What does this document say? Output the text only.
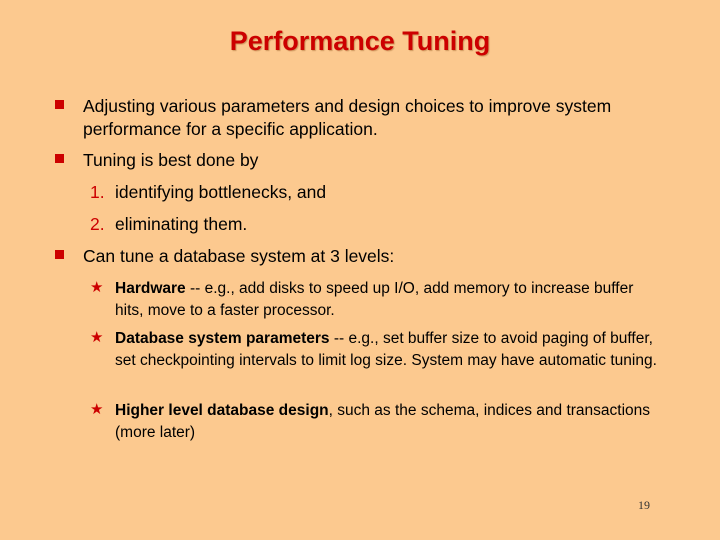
Performance Tuning
Adjusting various parameters and design choices to improve system performance for a specific application.
Tuning is best done by
1. identifying bottlenecks, and
2. eliminating them.
Can tune a database system at 3 levels:
★ Hardware -- e.g., add disks to speed up I/O, add memory to increase buffer hits, move to a faster processor.
★ Database system parameters -- e.g., set buffer size to avoid paging of buffer, set checkpointing intervals to limit log size. System may have automatic tuning.
★ Higher level database design, such as the schema, indices and transactions (more later)
19
